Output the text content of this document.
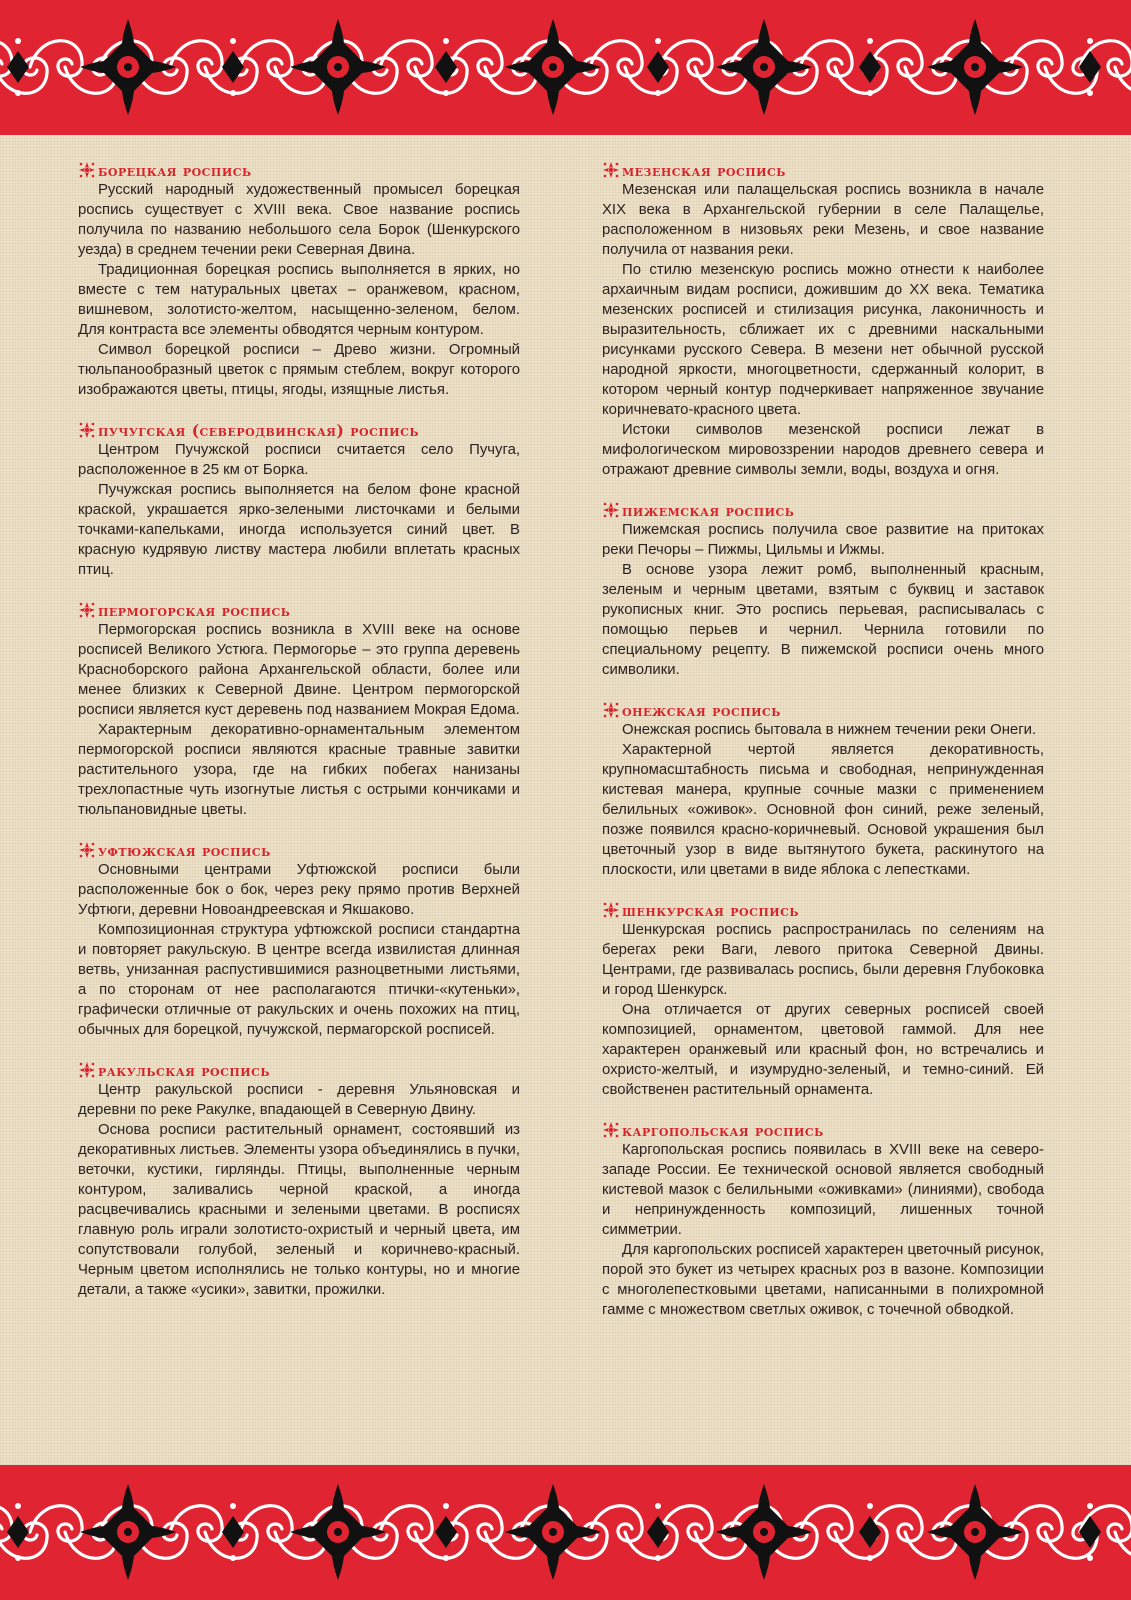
борецкая роспись

Русский народный художественный промысел борецкая роспись существует с XVIII века. Свое название роспись получила по названию небольшого села Борок (Шенкурского уезда) в среднем течении реки Северная Двина.

Традиционная борецкая роспись выполняется в ярких, но вместе с тем натуральных цветах – оранжевом, красном, вишневом, золотисто-желтом, насыщенно-зеленом, белом. Для контраста все элементы обводятся черным контуром.

Символ борецкой росписи – Древо жизни. Огромный тюльпанообразный цветок с прямым стеблем, вокруг которого изображаются цветы, птицы, ягоды, изящные листья.

пучугская (северодвинская) роспись

Центром Пучужской росписи считается село Пучуга, расположенное в 25 км от Борка.

Пучужская роспись выполняется на белом фоне красной краской, украшается ярко-зелеными листочками и белыми точками-капельками, иногда используется синий цвет. В красную кудрявую листву мастера любили вплетать красных птиц.

пермогорская роспись

Пермогорская роспись возникла в XVIII веке на основе росписей Великого Устюга. Пермогорье – это группа деревень Красноборского района Архангельской области, более или менее близких к Северной Двине. Центром пермогорской росписи является куст деревень под названием Мокрая Едома.

Характерным декоративно-орнаментальным элементом пермогорской росписи являются красные травные завитки растительного узора, где на гибких побегах нанизаны трехлопастные чуть изогнутые листья с острыми кончиками и тюльпановидные цветы.

уфтюжская роспись

Основными центрами Уфтюжской росписи были расположенные бок о бок, через реку прямо против Верхней Уфтюги, деревни Новоандреевская и Якшаково.

Композиционная структура уфтюжской росписи стандартна и повторяет ракульскую. В центре всегда извилистая длинная ветвь, унизанная распустившимися разноцветными листьями, а по сторонам от нее располагаются птички-«кутеньки», графически отличные от ракульских и очень похожих на птиц, обычных для борецкой, пучужской, пермагорской росписей.

ракульская роспись

Центр ракульской росписи - деревня Ульяновская и деревни по реке Ракулке, впадающей в Северную Двину.

Основа росписи растительный орнамент, состоявший из декоративных листьев. Элементы узора объединялись в пучки, веточки, кустики, гирлянды. Птицы, выполненные черным контуром, заливались черной краской, а иногда расцвечивались красными и зелеными цветами. В росписях главную роль играли золотисто-охристый и черный цвета, им сопутствовали голубой, зеленый и коричнево-красный. Черным цветом исполнялись не только контуры, но и многие детали, а также «усики», завитки, прожилки.

мезенская роспись

Мезенская или палащельская роспись возникла в начале XIX века в Архангельской губернии в селе Палащелье, расположенном в низовьях реки Мезень, и свое название получила от названия реки.

По стилю мезенскую роспись можно отнести к наиболее архаичным видам росписи, дожившим до XX века. Тематика мезенских росписей и стилизация рисунка, лаконичность и выразительность, сближает их с древними наскальными рисунками русского Севера. В мезени нет обычной русской народной яркости, многоцветности, сдержанный колорит, в котором черный контур подчеркивает напряженное звучание коричневато-красного цвета.

Истоки символов мезенской росписи лежат в мифологическом мировоззрении народов древнего севера и отражают древние символы земли, воды, воздуха и огня.

пижемская роспись

Пижемская роспись получила свое развитие на притоках реки Печоры – Пижмы, Цильмы и Ижмы.

В основе узора лежит ромб, выполненный красным, зеленым и черным цветами, взятым с буквиц и заставок рукописных книг. Это роспись перьевая, расписывалась с помощью перьев и чернил. Чернила готовили по специальному рецепту. В пижемской росписи очень много символики.

онежская роспись

Онежская роспись бытовала в нижнем течении реки Онеги.

Характерной чертой является декоративность, крупномасштабность письма и свободная, непринужденная кистевая манера, крупные сочные мазки с применением белильных «оживок». Основной фон синий, реже зеленый, позже появился красно-коричневый. Основой украшения был цветочный узор в виде вытянутого букета, раскинутого на плоскости, или цветами в виде яблока с лепестками.

шенкурская роспись

Шенкурская роспись распространилась по селениям на берегах реки Ваги, левого притока Северной Двины. Центрами, где развивалась роспись, были деревня Глубоковка и город Шенкурск.

Она отличается от других северных росписей своей композицией, орнаментом, цветовой гаммой. Для нее характерен оранжевый или красный фон, но встречались и охристо-желтый, и изумрудно-зеленый, и темно-синий. Ей свойственен растительный орнамента.

каргопольская роспись

Каргопольская роспись появилась в XVIII веке на северо-западе России. Ее технической основой является свободный кистевой мазок с белильными «оживками» (линиями), свобода и непринужденность композиций, лишенных точной симметрии.

Для каргопольских росписей характерен цветочный рисунок, порой это букет из четырех красных роз в вазоне. Композиции с многолепестковыми цветами, написанными в полихромной гамме с множеством светлых оживок, с точечной обводкой.
